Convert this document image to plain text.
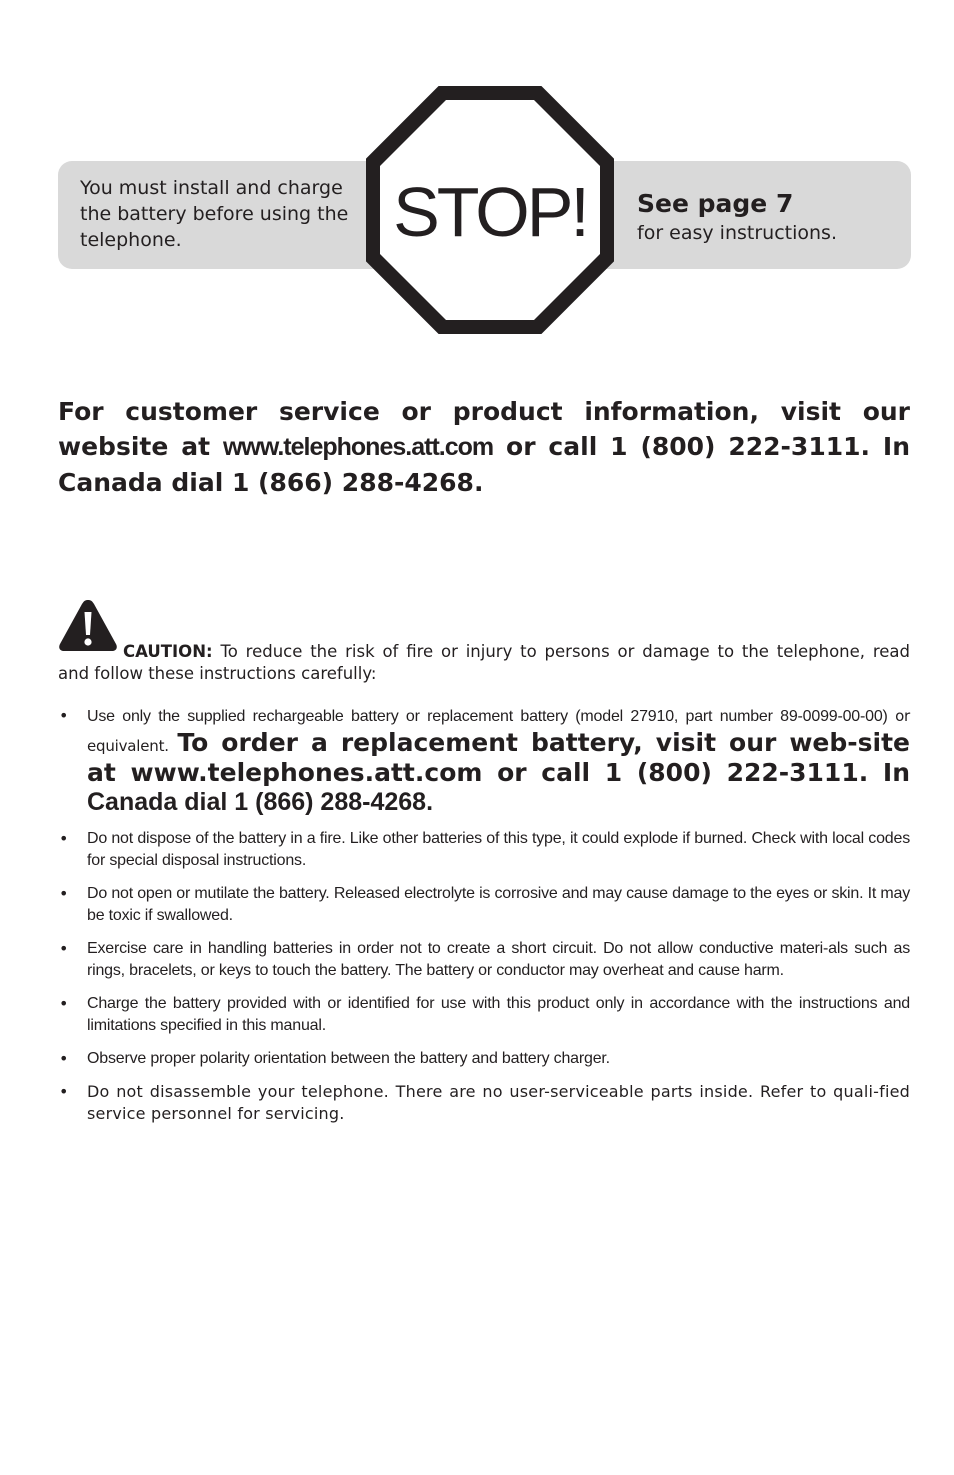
You must install and charge the battery before using the telephone.	STOP!	See page 7
for easy instructions.
For customer service or product information, visit our website at www.telephones.att.com or call 1 (800) 222-3111. In Canada dial 1 (866) 288-4268.
CAUTION: To reduce the risk of fire or injury to persons or damage to the telephone, read
and follow these instructions carefully:
• Use only the supplied rechargeable battery or replacement battery (model 27910, part number 89-0099-00-00) or equivalent. To order a replacement battery, visit our web-site at www.telephones.att.com or call 1 (800) 222-3111. In Canada dial 1 (866) 288-4268.
• Do not dispose of the battery in a fire. Like other batteries of this type, it could explode if burned. Check with local codes for special disposal instructions.
• Do not open or mutilate the battery. Released electrolyte is corrosive and may cause damage to the eyes or skin. It may be toxic if swallowed.
• Exercise care in handling batteries in order not to create a short circuit. Do not allow conductive materi-als such as rings, bracelets, or keys to touch the battery. The battery or conductor may overheat and cause harm.
• Charge the battery provided with or identified for use with this product only in accordance with the instructions and limitations specified in this manual.
• Observe proper polarity orientation between the battery and battery charger.
• Do not disassemble your telephone. There are no user-serviceable parts inside. Refer to quali-fied service personnel for servicing.
